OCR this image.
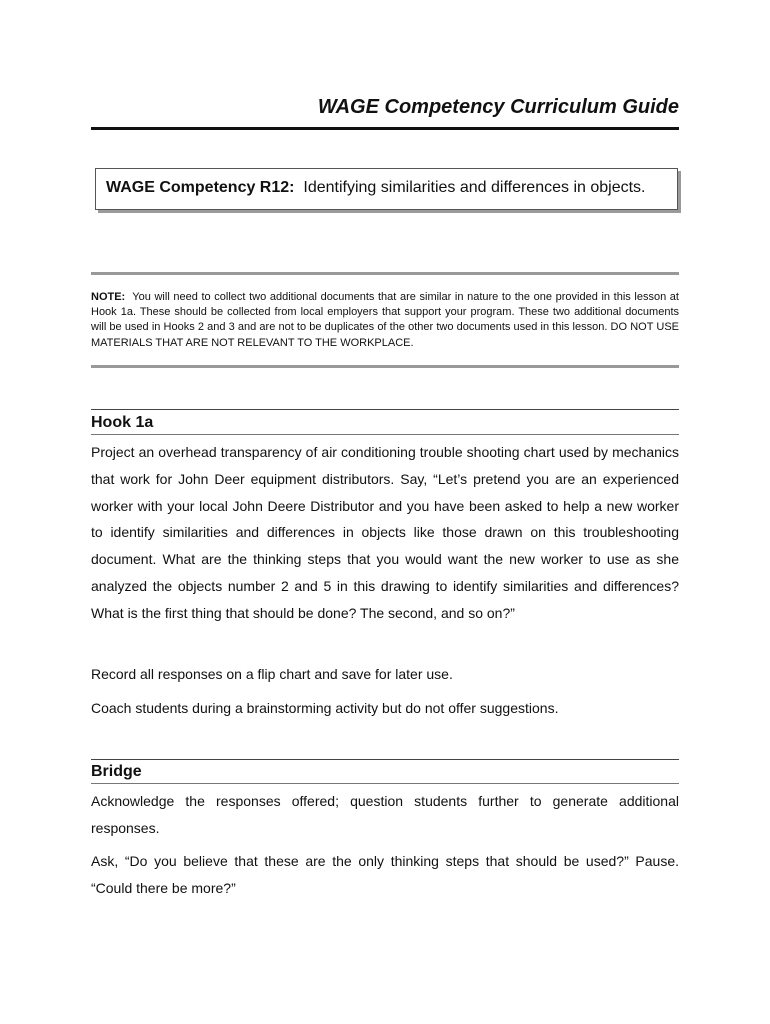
WAGE Competency Curriculum Guide
WAGE Competency R12: Identifying similarities and differences in objects.

NOTE: You will need to collect two additional documents that are similar in nature to the one provided in this lesson at Hook 1a. These should be collected from local employers that support your program. These two additional documents will be used in Hooks 2 and 3 and are not to be duplicates of the other two documents used in this lesson. DO NOT USE MATERIALS THAT ARE NOT RELEVANT TO THE WORKPLACE.

Hook 1a

Project an overhead transparency of air conditioning trouble shooting chart used by mechanics that work for John Deer equipment distributors. Say, “Let’s pretend you are an experienced worker with your local John Deere Distributor and you have been asked to help a new worker to identify similarities and differences in objects like those drawn on this troubleshooting document. What are the thinking steps that you would want the new worker to use as she analyzed the objects number 2 and 5 in this drawing to identify similarities and differences? What is the first thing that should be done? The second, and so on?”

Record all responses on a flip chart and save for later use.

Coach students during a brainstorming activity but do not offer suggestions.

Bridge

Acknowledge the responses offered; question students further to generate additional responses.

Ask, “Do you believe that these are the only thinking steps that should be used?” Pause. “Could there be more?”
